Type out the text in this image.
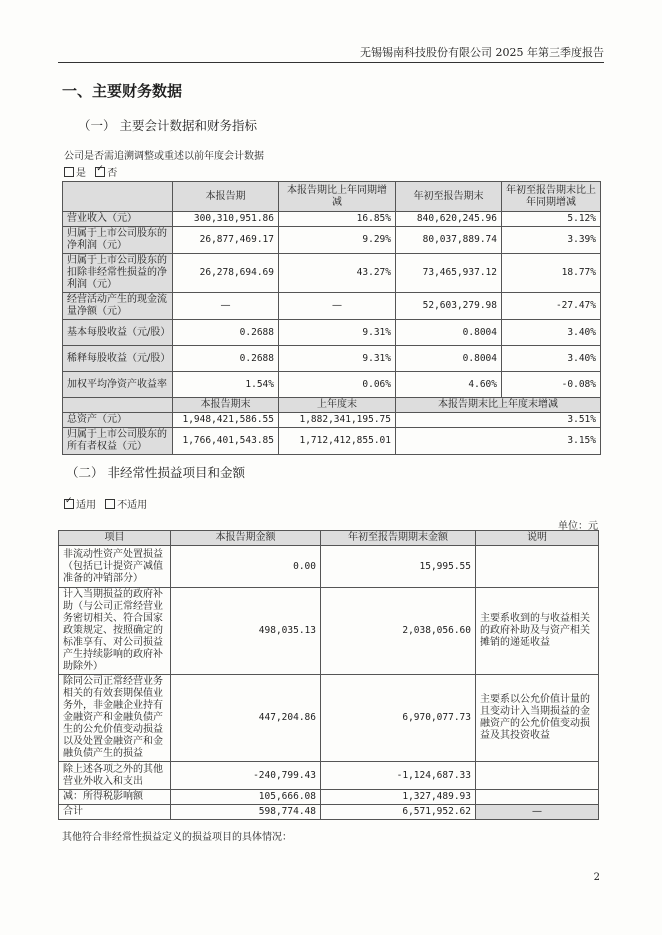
无锡锡南科技股份有限公司 2025 年第三季度报告
一、主要财务数据
（一） 主要会计数据和财务指标
公司是否需追溯调整或重述以前年度会计数据
是 ✓ 否
	本报告期	本报告期比上年同期增减	年初至报告期末	年初至报告期末比上年同期增减
营业收入（元）	300,310,951.86	16.85%	840,620,245.96	5.12%
归属于上市公司股东的净利润（元）	26,877,469.17	9.29%	80,037,889.74	3.39%
归属于上市公司股东的扣除非经常性损益的净利润（元）	26,278,694.69	43.27%	73,465,937.12	18.77%
经营活动产生的现金流量净额（元）	—	—	52,603,279.98	-27.47%
基本每股收益（元/股）	0.2688	9.31%	0.8004	3.40%
稀释每股收益（元/股）	0.2688	9.31%	0.8004	3.40%
加权平均净资产收益率	1.54%	0.06%	4.60%	-0.08%
	本报告期末	上年度末	本报告期末比上年度末增减	
总资产（元）	1,948,421,586.55	1,882,341,195.75	3.51%	
归属于上市公司股东的所有者权益（元）	1,766,401,543.85	1,712,412,855.01	3.15%	
（二） 非经常性损益项目和金额
✓适用 不适用
单位：元
项目	本报告期金额	年初至报告期期末金额	说明
非流动性资产处置损益（包括已计提资产减值准备的冲销部分）	0.00	15,995.55	
计入当期损益的政府补助（与公司正常经营业务密切相关、符合国家政策规定、按照确定的标准享有、对公司损益产生持续影响的政府补助除外）	498,035.13	2,038,056.60	主要系收到的与收益相关的政府补助及与资产相关摊销的递延收益
除同公司正常经营业务相关的有效套期保值业务外，非金融企业持有金融资产和金融负债产生的公允价值变动损益以及处置金融资产和金融负债产生的损益	447,204.86	6,970,077.73	主要系以公允价值计量的且变动计入当期损益的金融资产的公允价值变动损益及其投资收益
除上述各项之外的其他营业外收入和支出	-240,799.43	-1,124,687.33	
减：所得税影响额	105,666.08	1,327,489.93	
合计	598,774.48	6,571,952.62	—
其他符合非经常性损益定义的损益项目的具体情况：
2
